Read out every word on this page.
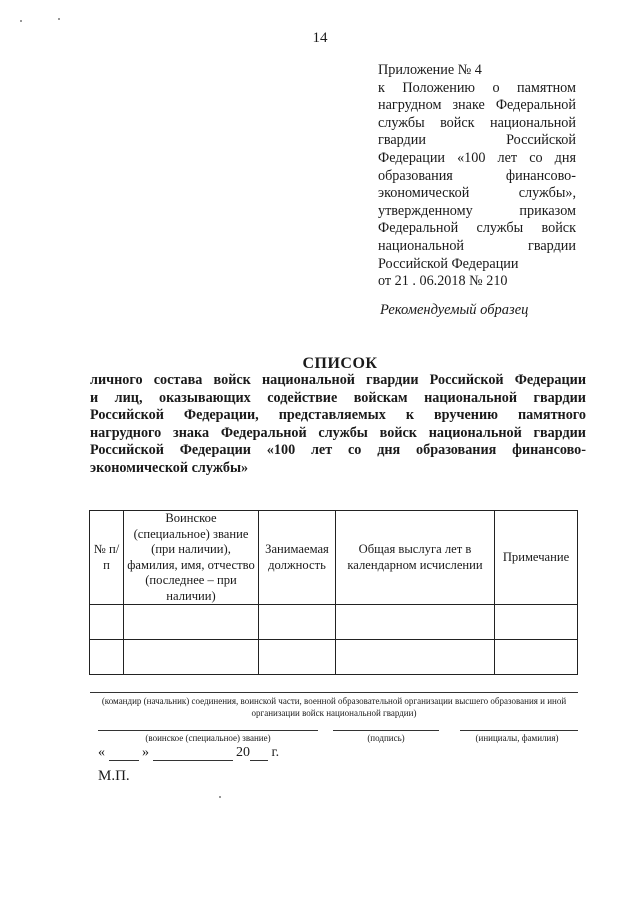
14
Приложение № 4
к Положению о памятном
нагрудном знаке Федеральной
службы войск национальной
гвардии Российской
Федерации «100 лет со дня
образования финансово-
экономической службы»,
утвержденному приказом
Федеральной службы войск
национальной гвардии
Российской Федерации
от 21 . 06.2018 № 210
Рекомендуемый образец
СПИСОК
личного состава войск национальной гвардии Российской Федерации
и лиц, оказывающих содействие войскам национальной гвардии
Российской Федерации, представляемых к вручению памятного
нагрудного знака Федеральной службы войск национальной гвардии
Российской Федерации «100 лет со дня образования финансово-
экономической службы»
№ п/п	Воинское (специальное) звание (при наличии), фамилия, имя, отчество (последнее – при наличии)	Занимаемая должность	Общая выслуга лет в календарном исчислении	Примечание

(командир (начальник) соединения, воинской части, военной образовательной организации высшего образования и иной организации войск национальной гвардии)
(воинское (специальное) звание)	(подпись)	(инициалы, фамилия)
«	»	20 г.
М.П.
